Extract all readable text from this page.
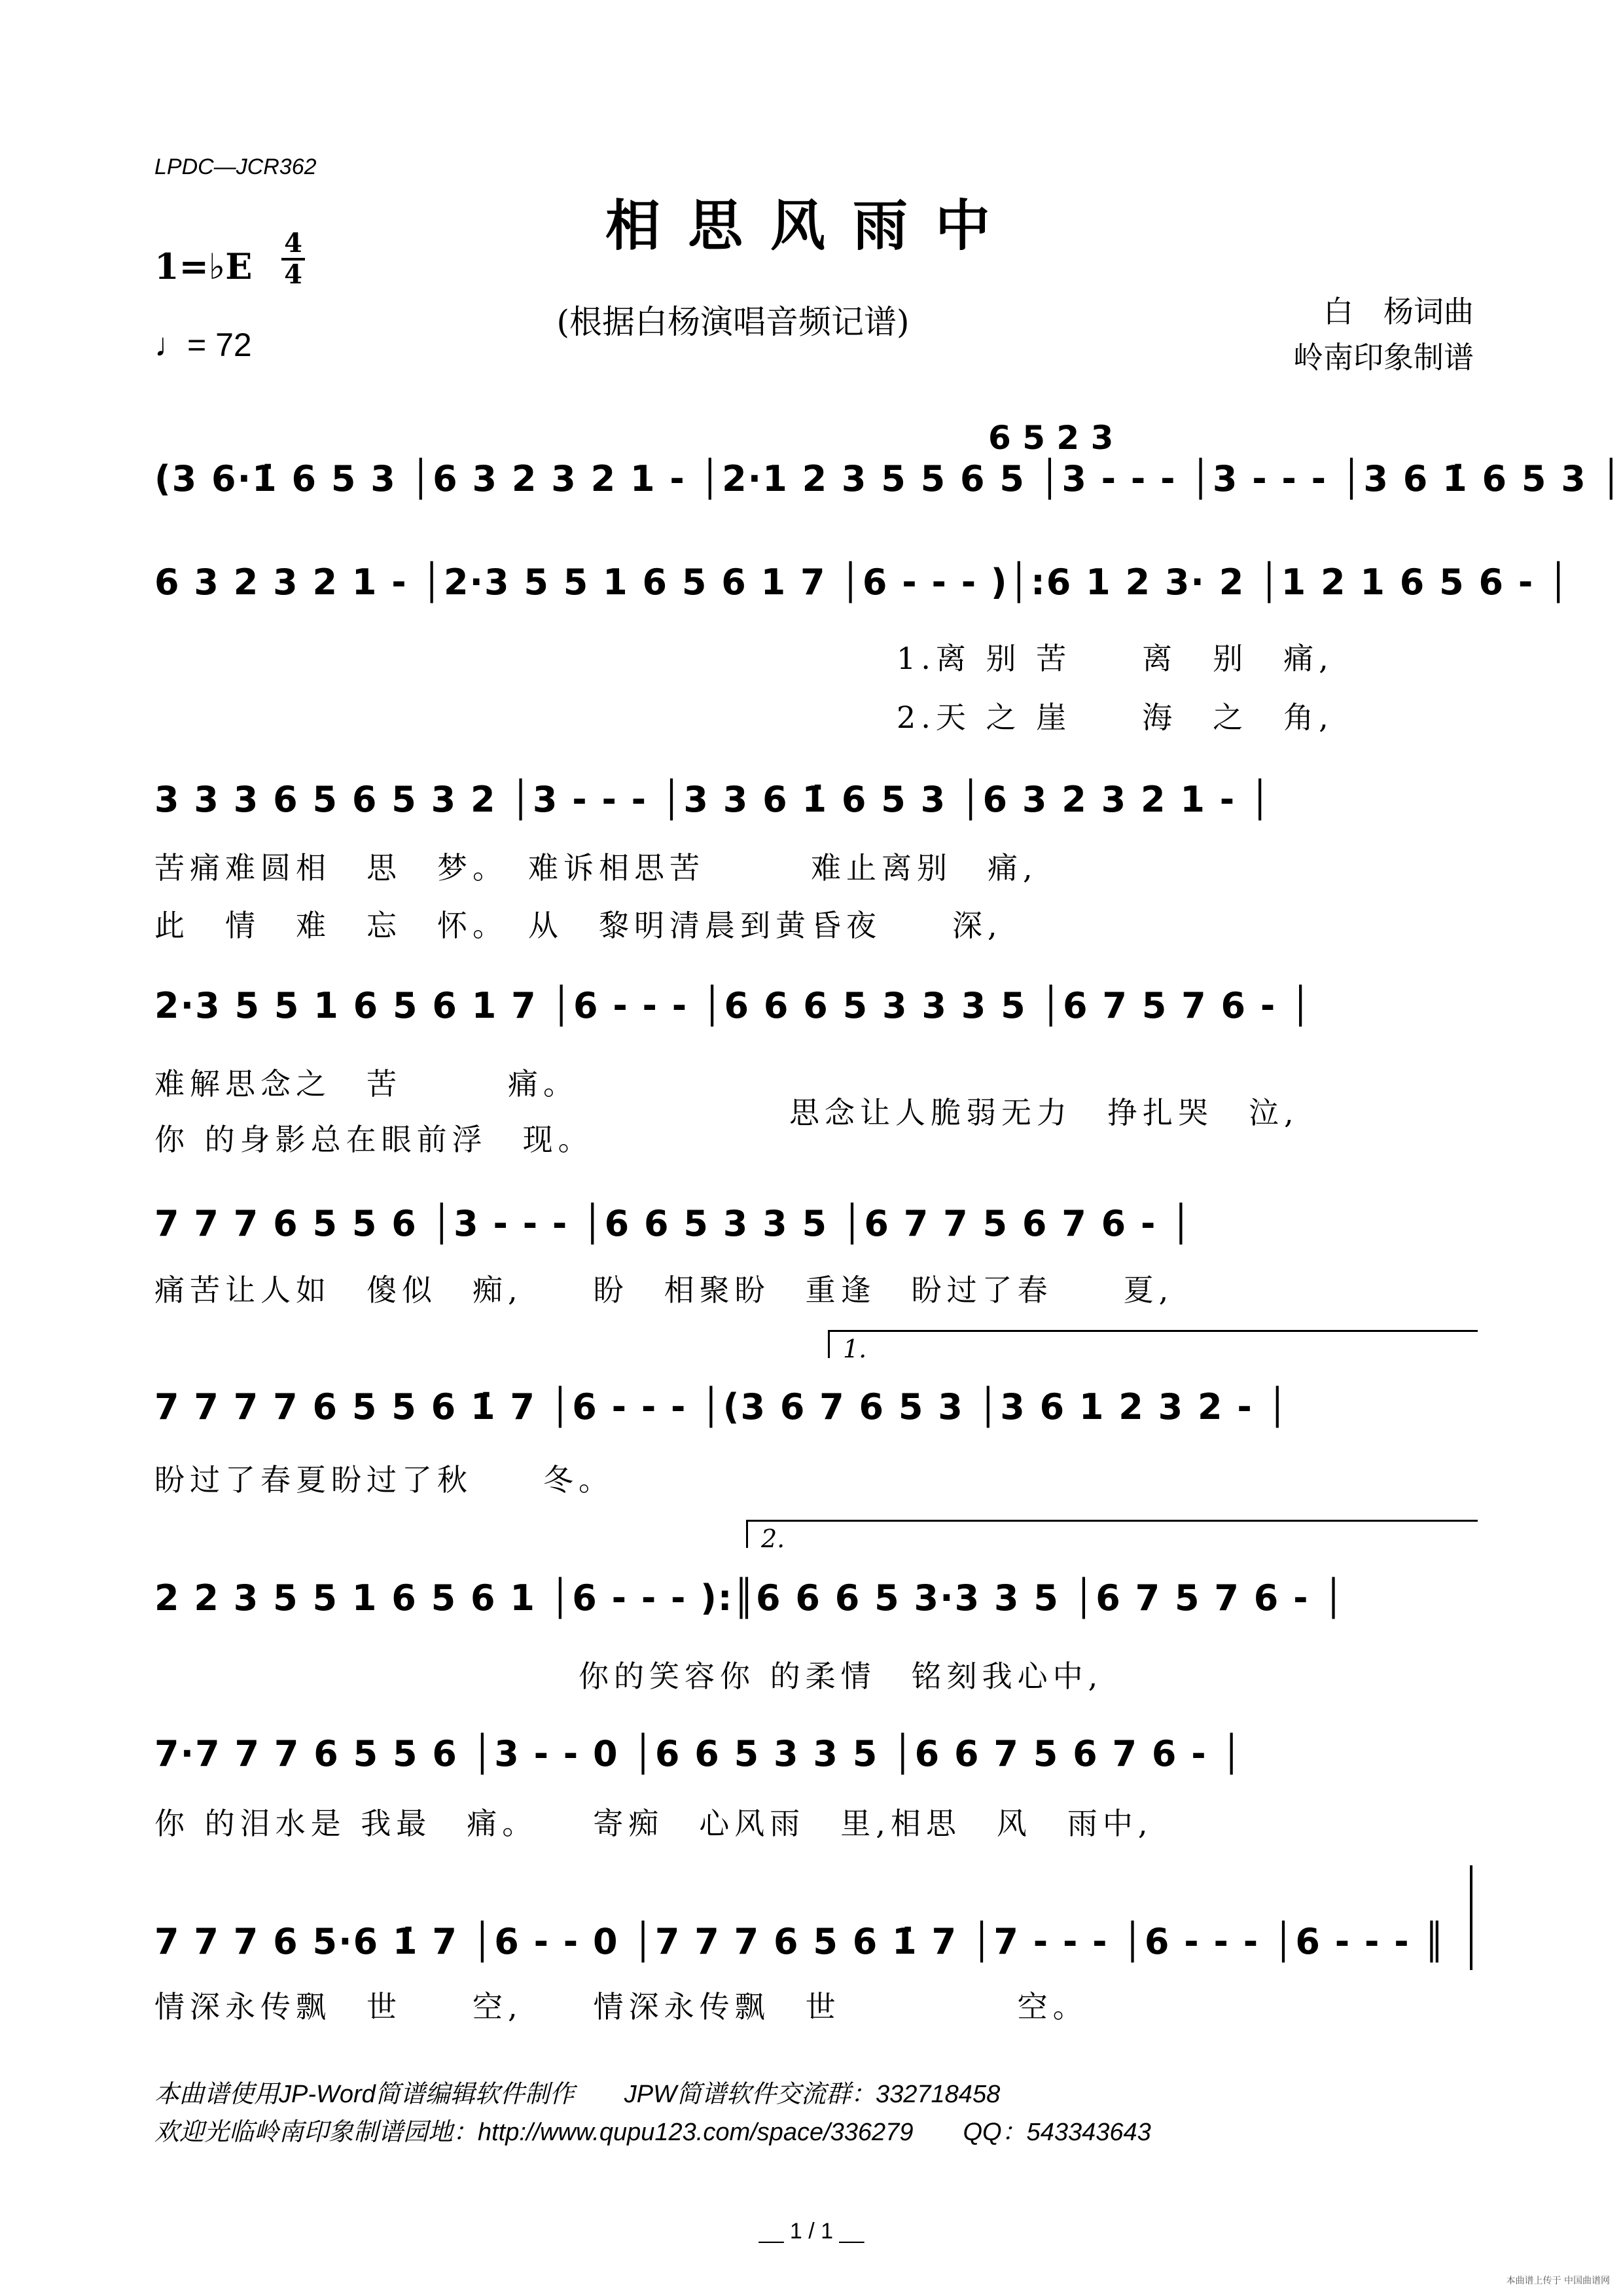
LPDC—JCR362
相思风雨中
1=♭E
4
4
♩= 72
(根据白杨演唱音频记谱)	白　杨词曲
岭南印象制谱
6 5 2 3
(3 6·1̇ 6 5 3 │6 3 2 3 2 1 - │2·1 2 3 5 5 6 5 │3 - - - │3 - - - │3 6 1̇ 6 5 3 │
6 3 2 3 2 1 - │2·3 5 5 1 6 5 6 1 7 │6 - - - )│:6 1 2 3· 2 │1 2 1 6 5 6 - │
1.离 别 苦　　离　别　痛,
2.天 之 崖　　海　之　角,
3 3 3 6 5 6 5 3 2 │3 - - - │3 3 6 1̇ 6 5 3 │6 3 2 3 2 1 - │
苦痛难圆相　思　梦。　难诉相思苦　　　难止离别　痛,
此　情　难　忘　怀。　从　黎明清晨到黄昏夜　　深,
2·3 5 5 1 6 5 6 1 7 │6 - - - │6 6 6 5 3 3 3 5 │6 7 5 7 6 - │
难解思念之　苦　　　痛。
你 的身影总在眼前浮　现。
思念让人脆弱无力　挣扎哭　泣,
7 7 7 6 5 5 6 │3 - - - │6 6 5 3 3 5 │6 7 7 5 6 7 6 - │
痛苦让人如　傻似　痴,　　盼　相聚盼　重逢　盼过了春　　夏,
1.
7 7 7 7 6 5 5 6 1̇ 7 │6 - - - │(3 6 7 6 5 3 │3 6 1 2 3 2 - │
盼过了春夏盼过了秋　　冬。
2.
2 2 3 5 5 1 6 5 6 1 │6 - - - ):║6 6 6 5 3·3 3 5 │6 7 5 7 6 - │
　　　　　　　　　　　　你的笑容你 的柔情　铭刻我心中,
7·7 7 7 6 5 5 6 │3 - - 0 │6 6 5 3 3 5 │6 6 7 5 6 7 6 - │
你 的泪水是 我最　痛。　　寄痴　心风雨　里,相思　风　雨中,
7 7 7 6 5·6 1̇ 7 │6 - - 0 │7 7 7 6 5 6 1̇ 7 │7 - - - │6 - - - │6 - - - ║
情深永传飘　世　　空,　　情深永传飘　世　　　　　空。
本曲谱使用JP-Word简谱编辑软件制作　　JPW简谱软件交流群：332718458
欢迎光临岭南印象制谱园地：http://www.qupu123.com/space/336279　　QQ：543343643
__ 1 / 1 __
本曲谱上传于 中国曲谱网
